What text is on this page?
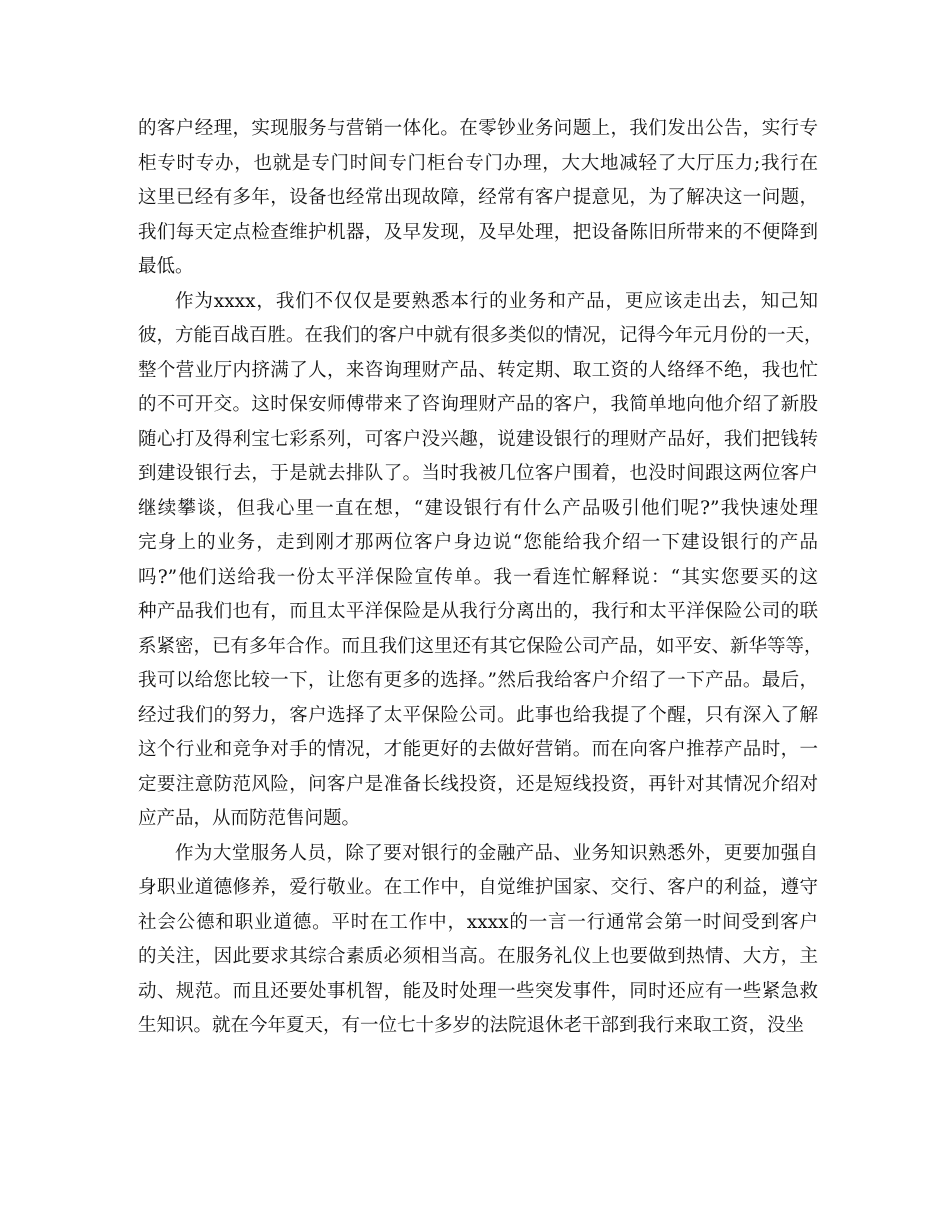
的客户经理，实现服务与营销一体化。在零钞业务问题上，我们发出公告，实行专
柜专时专办，也就是专门时间专门柜台专门办理，大大地减轻了大厅压力;我行在
这里已经有多年，设备也经常出现故障，经常有客户提意见，为了解决这一问题，
我们每天定点检查维护机器，及早发现，及早处理，把设备陈旧所带来的不便降到
最低。
作为xxxx，我们不仅仅是要熟悉本行的业务和产品，更应该走出去，知己知
彼，方能百战百胜。在我们的客户中就有很多类似的情况，记得今年元月份的一天，
整个营业厅内挤满了人，来咨询理财产品、转定期、取工资的人络绎不绝，我也忙
的不可开交。这时保安师傅带来了咨询理财产品的客户，我简单地向他介绍了新股
随心打及得利宝七彩系列，可客户没兴趣，说建设银行的理财产品好，我们把钱转
到建设银行去，于是就去排队了。当时我被几位客户围着，也没时间跟这两位客户
继续攀谈，但我心里一直在想，“建设银行有什么产品吸引他们呢?”我快速处理
完身上的业务，走到刚才那两位客户身边说“您能给我介绍一下建设银行的产品
吗?”他们送给我一份太平洋保险宣传单。我一看连忙解释说：“其实您要买的这
种产品我们也有，而且太平洋保险是从我行分离出的，我行和太平洋保险公司的联
系紧密，已有多年合作。而且我们这里还有其它保险公司产品，如平安、新华等等，
我可以给您比较一下，让您有更多的选择。”然后我给客户介绍了一下产品。最后，
经过我们的努力，客户选择了太平保险公司。此事也给我提了个醒，只有深入了解
这个行业和竞争对手的情况，才能更好的去做好营销。而在向客户推荐产品时，一
定要注意防范风险，问客户是准备长线投资，还是短线投资，再针对其情况介绍对
应产品，从而防范售问题。
作为大堂服务人员，除了要对银行的金融产品、业务知识熟悉外，更要加强自
身职业道德修养，爱行敬业。在工作中，自觉维护国家、交行、客户的利益，遵守
社会公德和职业道德。平时在工作中，xxxx的一言一行通常会第一时间受到客户
的关注，因此要求其综合素质必须相当高。在服务礼仪上也要做到热情、大方，主
动、规范。而且还要处事机智，能及时处理一些突发事件，同时还应有一些紧急救
生知识。就在今年夏天，有一位七十多岁的法院退休老干部到我行来取工资，没坐
